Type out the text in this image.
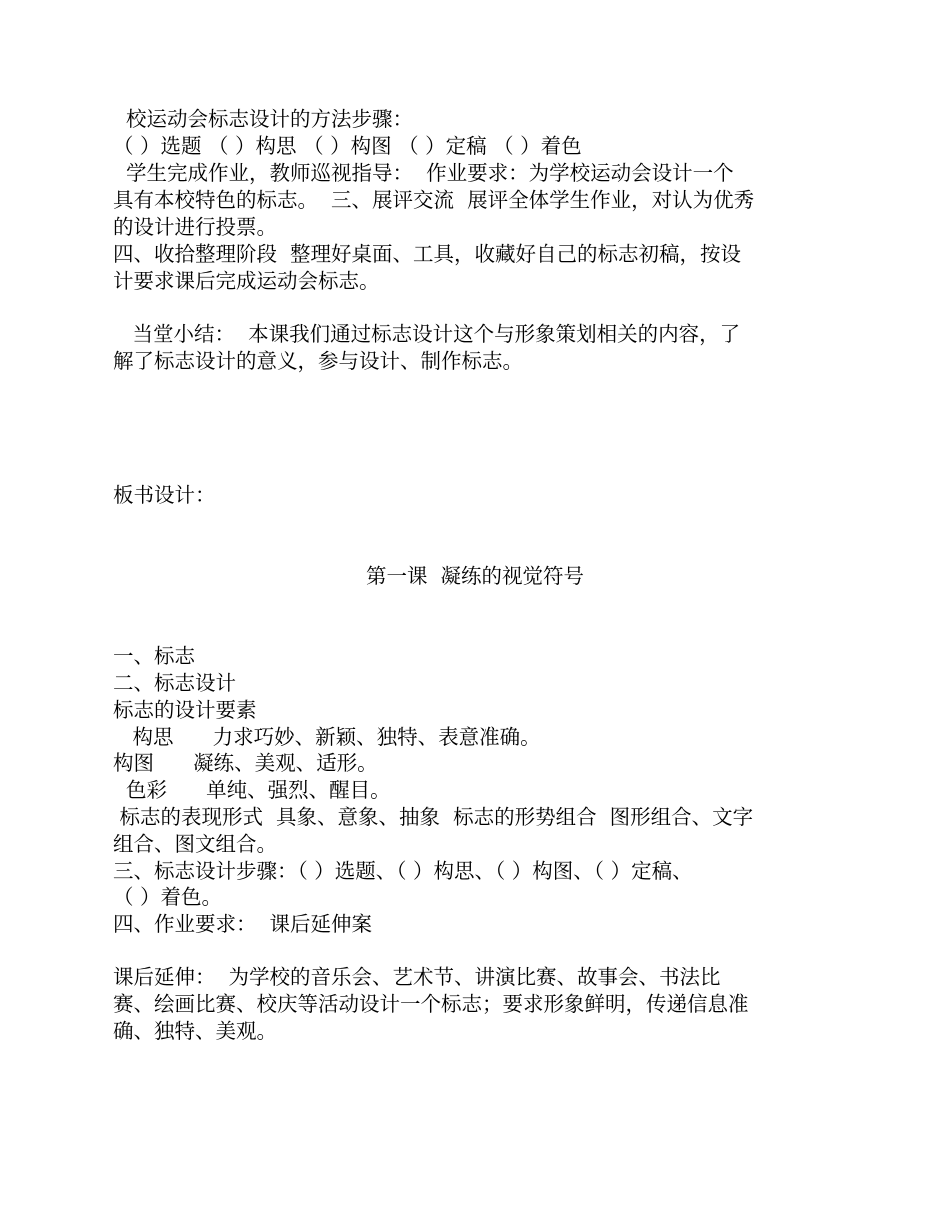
校运动会标志设计的方法步骤：
（ ）选题 （ ）构思 （ ）构图 （ ）定稿 （ ）着色
学生完成作业，教师巡视指导：  作业要求：为学校运动会设计一个
具有本校特色的标志。  三、展评交流  展评全体学生作业，对认为优秀
的设计进行投票。
四、收拾整理阶段  整理好桌面、工具，收藏好自己的标志初稿，按设
计要求课后完成运动会标志。
当堂小结：  本课我们通过标志设计这个与形象策划相关的内容，了
解了标志设计的意义，参与设计、制作标志。
板书设计：
第一课  凝练的视觉符号
一、标志
二、标志设计
标志的设计要素
构思      力求巧妙、新颖、独特、表意准确。
构图      凝练、美观、适形。
色彩      单纯、强烈、醒目。
标志的表现形式  具象、意象、抽象  标志的形势组合  图形组合、文字
组合、图文组合。
三、标志设计步骤：（ ）选题、（ ）构思、（ ）构图、（ ）定稿、
（ ）着色。
四、作业要求：  课后延伸案
课后延伸：  为学校的音乐会、艺术节、讲演比赛、故事会、书法比
赛、绘画比赛、校庆等活动设计一个标志；要求形象鲜明，传递信息准
确、独特、美观。
